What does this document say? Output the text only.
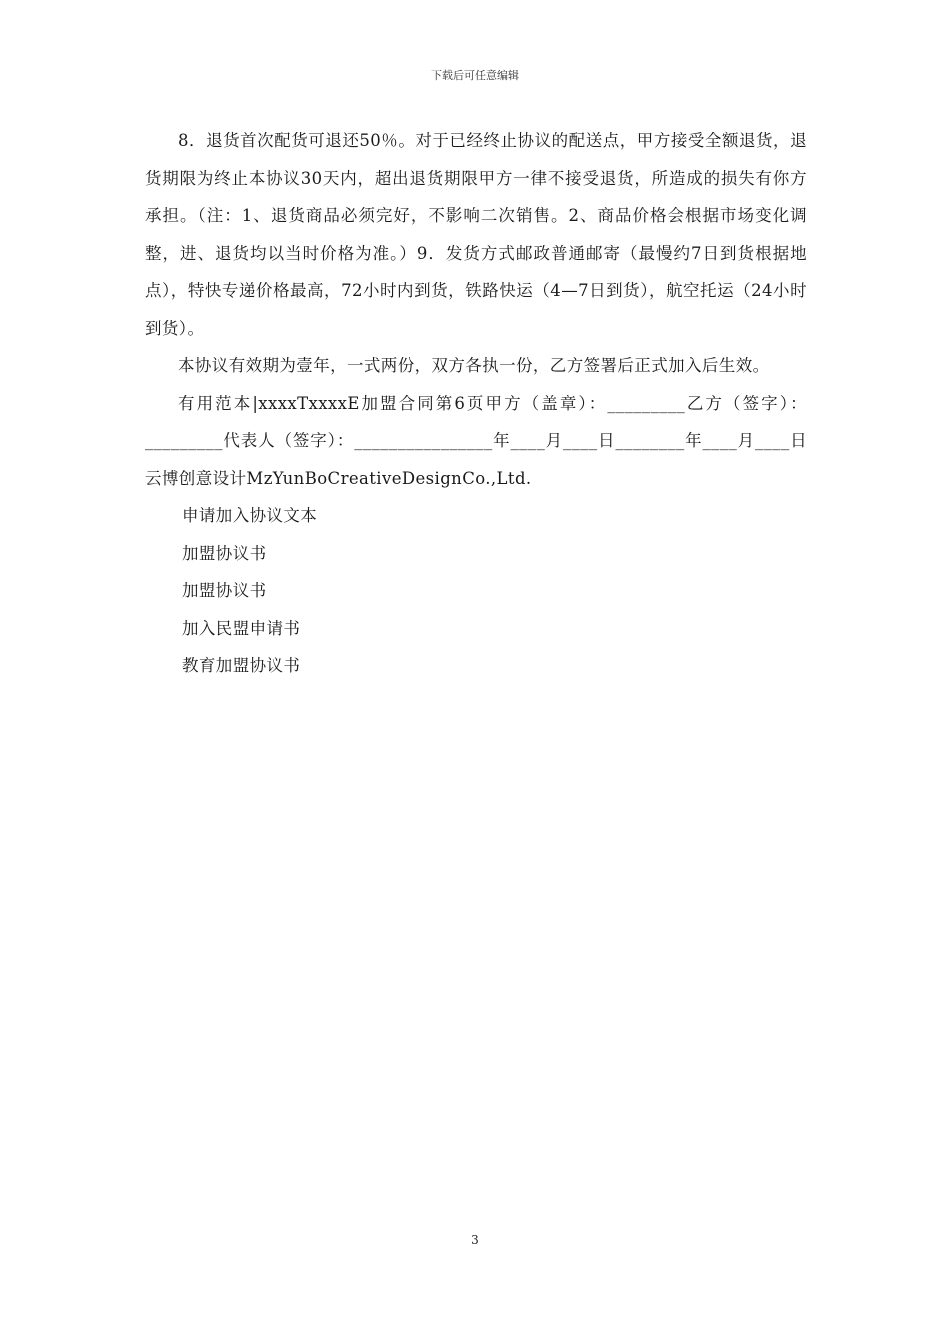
下载后可任意编辑

8．退货首次配货可退还50％。对于已经终止协议的配送点，甲方接受全额退货，退货期限为终止本协议30天内，超出退货期限甲方一律不接受退货，所造成的损失有你方承担。（注：1、退货商品必须完好，不影响二次销售。2、商品价格会根据市场变化调整，进、退货均以当时价格为准。）9．发货方式邮政普通邮寄（最慢约7日到货根据地点），特快专递价格最高，72小时内到货，铁路快运（4—7日到货），航空托运（24小时到货）。

本协议有效期为壹年，一式两份，双方各执一份，乙方签署后正式加入后生效。

有用范本|xxxxTxxxxE加盟合同第6页甲方（盖章）：_________乙方（签字）：_________代表人（签字）：________________年____月____日________年____月____日云博创意设计MzYunBoCreativeDesignCo.,Ltd.

申请加入协议文本

加盟协议书

加盟协议书

加入民盟申请书

教育加盟协议书

3
